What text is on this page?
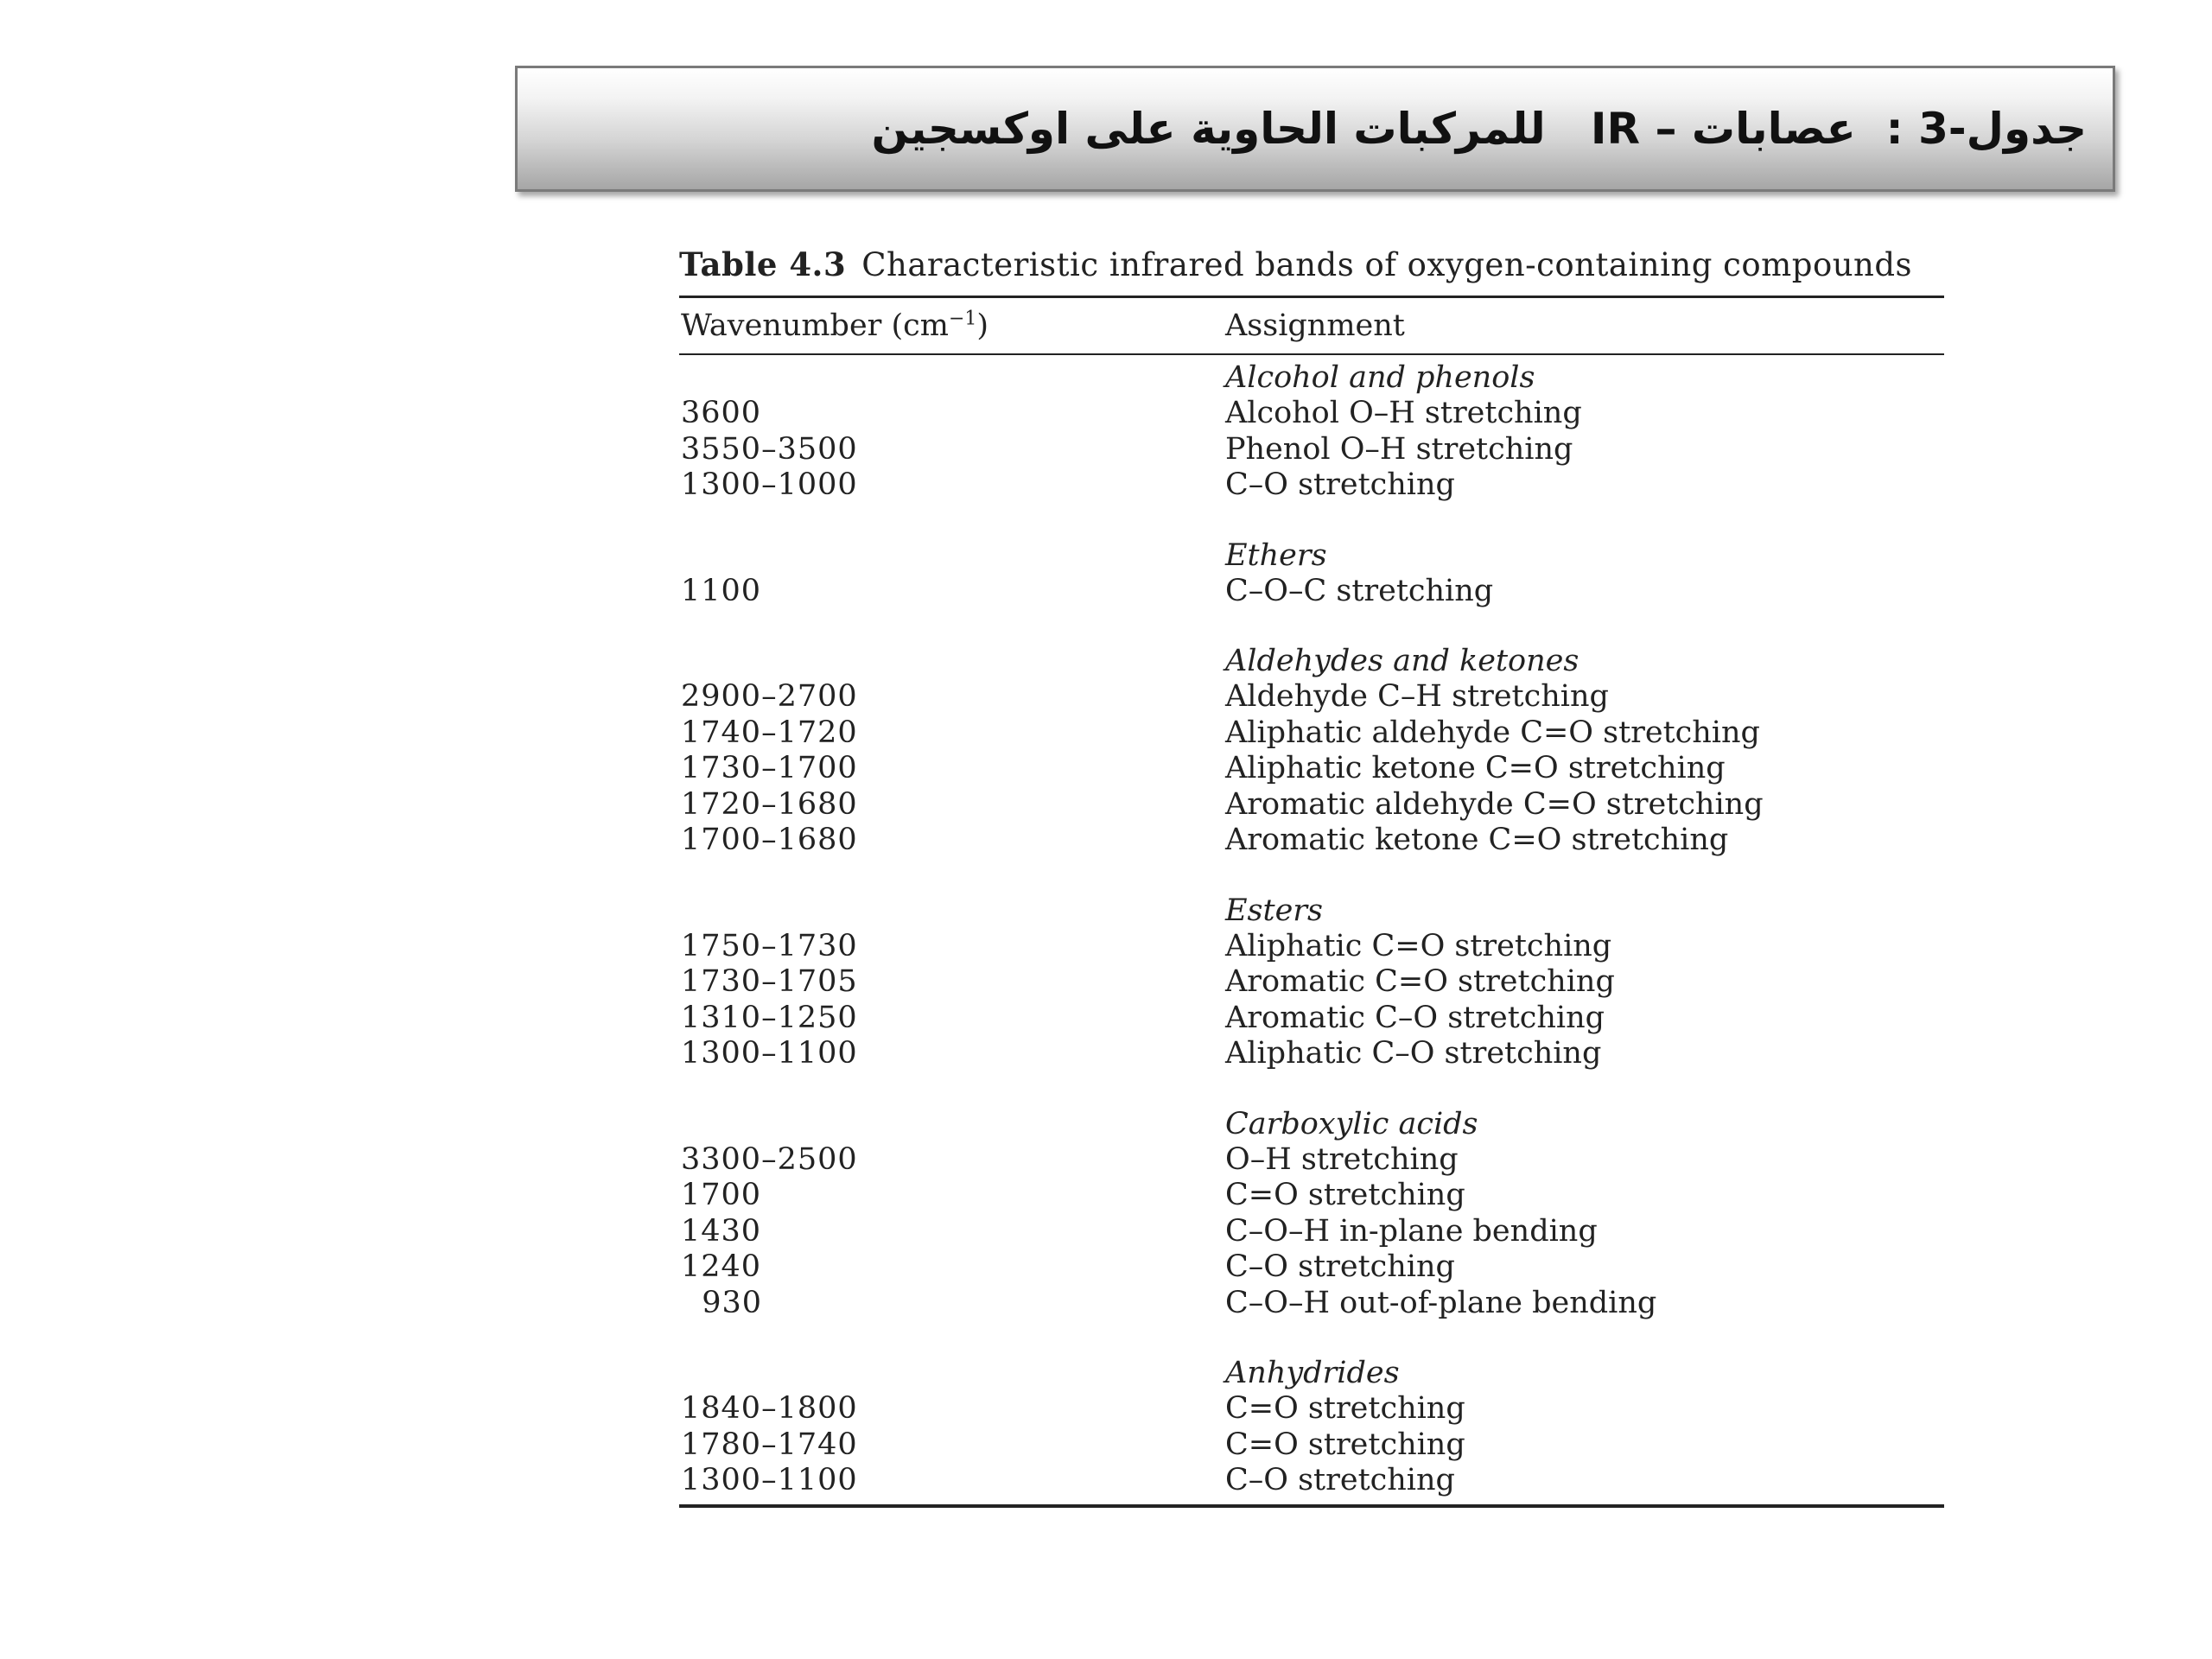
جدول-3 :  عصابات – IR   للمركبات الحاوية على اوكسجين
Table 4.3 Characteristic infrared bands of oxygen-containing compounds
Wavenumber $(cm^{-1})$	Assignment
Alcohol and phenols
3600	Alcohol O–H stretching
3550–3500	Phenol O–H stretching
1300–1000	C–O stretching
Ethers
1100	C–O–C stretching
Aldehydes and ketones
2900–2700	Aldehyde C–H stretching
1740–1720	Aliphatic aldehyde C=O stretching
1730–1700	Aliphatic ketone C=O stretching
1720–1680	Aromatic aldehyde C=O stretching
1700–1680	Aromatic ketone C=O stretching
Esters
1750–1730	Aliphatic C=O stretching
1730–1705	Aromatic C=O stretching
1310–1250	Aromatic C–O stretching
1300–1100	Aliphatic C–O stretching
Carboxylic acids
3300–2500	O–H stretching
1700	C=O stretching
1430	C–O–H in-plane bending
1240	C–O stretching
930	C–O–H out-of-plane bending
Anhydrides
1840–1800	C=O stretching
1780–1740	C=O stretching
1300–1100	C–O stretching
